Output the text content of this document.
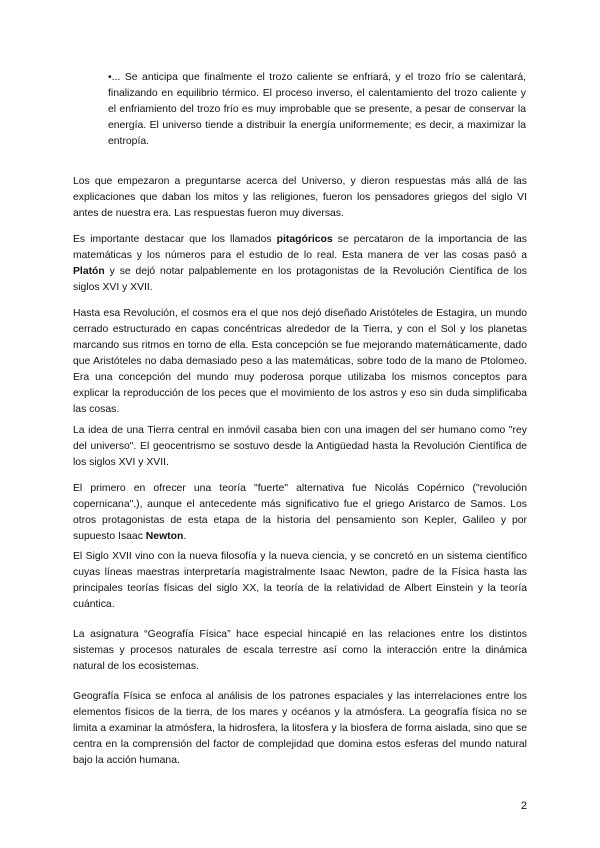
•... Se anticipa que finalmente el trozo caliente se enfriará, y el trozo frío se calentará, finalizando en equilibrio térmico. El proceso inverso, el calentamiento del trozo caliente y el enfriamiento del trozo frío es muy improbable que se presente, a pesar de conservar la energía. El universo tiende a distribuir la energía uniformemente; es decir, a maximizar la entropía.

Los que empezaron a preguntarse acerca del Universo, y dieron respuestas más allá de las explicaciones que daban los mitos y las religiones, fueron los pensadores griegos del siglo VI antes de nuestra era. Las respuestas fueron muy diversas.

Es importante destacar que los llamados pitagóricos se percataron de la importancia de las matemáticas y los números para el estudio de lo real. Esta manera de ver las cosas pasó a Platón y se dejó notar palpablemente en los protagonistas de la Revolución Científica de los siglos XVI y XVII.

Hasta esa Revolución, el cosmos era el que nos dejó diseñado Aristóteles de Estagira, un mundo cerrado estructurado en capas concéntricas alrededor de la Tierra, y con el Sol y los planetas marcando sus ritmos en torno de ella. Esta concepción se fue mejorando matemáticamente, dado que Aristóteles no daba demasiado peso a las matemáticas, sobre todo de la mano de Ptolomeo. Era una concepción del mundo muy poderosa porque utilizaba los mismos conceptos para explicar la reproducción de los peces que el movimiento de los astros y eso sin duda simplificaba las cosas.

La idea de una Tierra central en inmóvil casaba bien con una imagen del ser humano como "rey del universo". El geocentrismo se sostuvo desde la Antigüedad hasta la Revolución Científica de los siglos XVI y XVII.

El primero en ofrecer una teoría "fuerte" alternativa fue Nicolás Copérnico ("revolución copernicana".), aunque el antecedente más significativo fue el griego Aristarco de Samos. Los otros protagonistas de esta etapa de la historia del pensamiento son Kepler, Galileo y por supuesto Isaac Newton.

El Siglo XVII vino con la nueva filosofía y la nueva ciencia, y se concretó en un sistema científico cuyas líneas maestras interpretaría magistralmente Isaac Newton, padre de la Física hasta las principales teorías físicas del siglo XX, la teoría de la relatividad de Albert Einstein y la teoría cuántica.

La asignatura “Geografía Física” hace especial hincapié en las relaciones entre los distintos sistemas y procesos naturales de escala terrestre así como la interacción entre la dinámica natural de los ecosistemas.

Geografía Física se enfoca al análisis de los patrones espaciales y las interrelaciones entre los elementos físicos de la tierra, de los mares y océanos y la atmósfera. La geografía física no se limita a examinar la atmósfera, la hidrosfera, la litosfera y la biosfera de forma aislada, sino que se centra en la comprensión del factor de complejidad que domina estos esferas del mundo natural bajo la acción humana.

2
